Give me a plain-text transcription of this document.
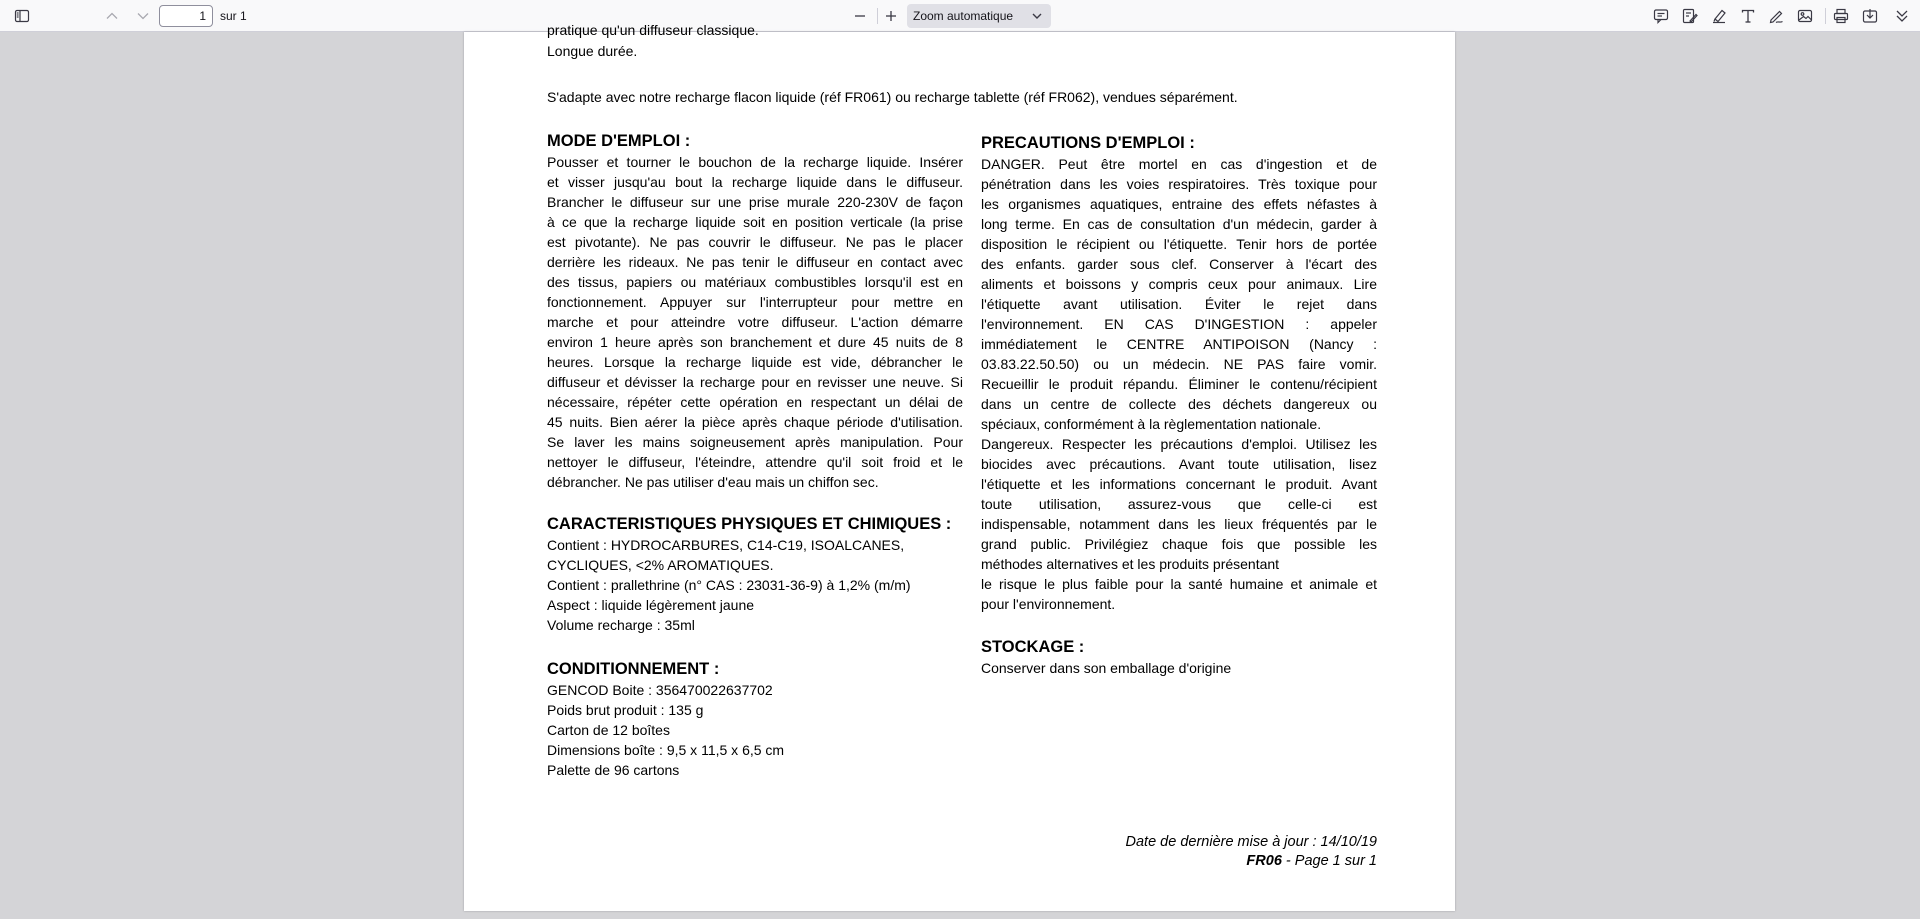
1
sur 1	Zoom automatique
pratique qu'un diffuseur classique.
Longue durée.
S'adapte avec notre recharge flacon liquide (réf FR061) ou recharge tablette (réf FR062), vendues séparément.
MODE D'EMPLOI :
Pousser et tourner le bouchon de la recharge liquide. Insérer
et visser jusqu'au bout la recharge liquide dans le diffuseur.
Brancher le diffuseur sur une prise murale 220-230V de façon
à ce que la recharge liquide soit en position verticale (la prise
est pivotante). Ne pas couvrir le diffuseur. Ne pas le placer
derrière les rideaux. Ne pas tenir le diffuseur en contact avec
des tissus, papiers ou matériaux combustibles lorsqu'il est en
fonctionnement. Appuyer sur l'interrupteur pour mettre en
marche et pour atteindre votre diffuseur. L'action démarre
environ 1 heure après son branchement et dure 45 nuits de 8
heures. Lorsque la recharge liquide est vide, débrancher le
diffuseur et dévisser la recharge pour en revisser une neuve. Si
nécessaire, répéter cette opération en respectant un délai de
45 nuits. Bien aérer la pièce après chaque période d'utilisation.
Se laver les mains soigneusement après manipulation. Pour
nettoyer le diffuseur, l'éteindre, attendre qu'il soit froid et le
débrancher. Ne pas utiliser d'eau mais un chiffon sec.
CARACTERISTIQUES PHYSIQUES ET CHIMIQUES :
Contient : HYDROCARBURES, C14-C19, ISOALCANES,
CYCLIQUES, <2% AROMATIQUES.
Contient : prallethrine (n° CAS : 23031-36-9) à 1,2% (m/m)
Aspect : liquide légèrement jaune
Volume recharge : 35ml
CONDITIONNEMENT :
GENCOD Boite : 356470022637702
Poids brut produit : 135 g
Carton de 12 boîtes
Dimensions boîte : 9,5 x 11,5 x 6,5 cm
Palette de 96 cartons
PRECAUTIONS D'EMPLOI :
DANGER. Peut être mortel en cas d'ingestion et de
pénétration dans les voies respiratoires. Très toxique pour
les organismes aquatiques, entraine des effets néfastes à
long terme. En cas de consultation d'un médecin, garder à
disposition le récipient ou l'étiquette. Tenir hors de portée
des enfants. garder sous clef. Conserver à l'écart des
aliments et boissons y compris ceux pour animaux. Lire
l'étiquette avant utilisation. Éviter le rejet dans
l'environnement. EN CAS D'INGESTION : appeler
immédiatement le CENTRE ANTIPOISON (Nancy :
03.83.22.50.50) ou un médecin. NE PAS faire vomir.
Recueillir le produit répandu. Éliminer le contenu/récipient
dans un centre de collecte des déchets dangereux ou
spéciaux, conformément à la règlementation nationale.
Dangereux. Respecter les précautions d'emploi. Utilisez les
biocides avec précautions. Avant toute utilisation, lisez
l'étiquette et les informations concernant le produit. Avant
toute utilisation, assurez-vous que celle-ci est
indispensable, notamment dans les lieux fréquentés par le
grand public. Privilégiez chaque fois que possible les
méthodes alternatives et les produits présentant
le risque le plus faible pour la santé humaine et animale et
pour l'environnement.
STOCKAGE :
Conserver dans son emballage d'origine
Date de dernière mise à jour : 14/10/19
FR06 - Page 1 sur 1
